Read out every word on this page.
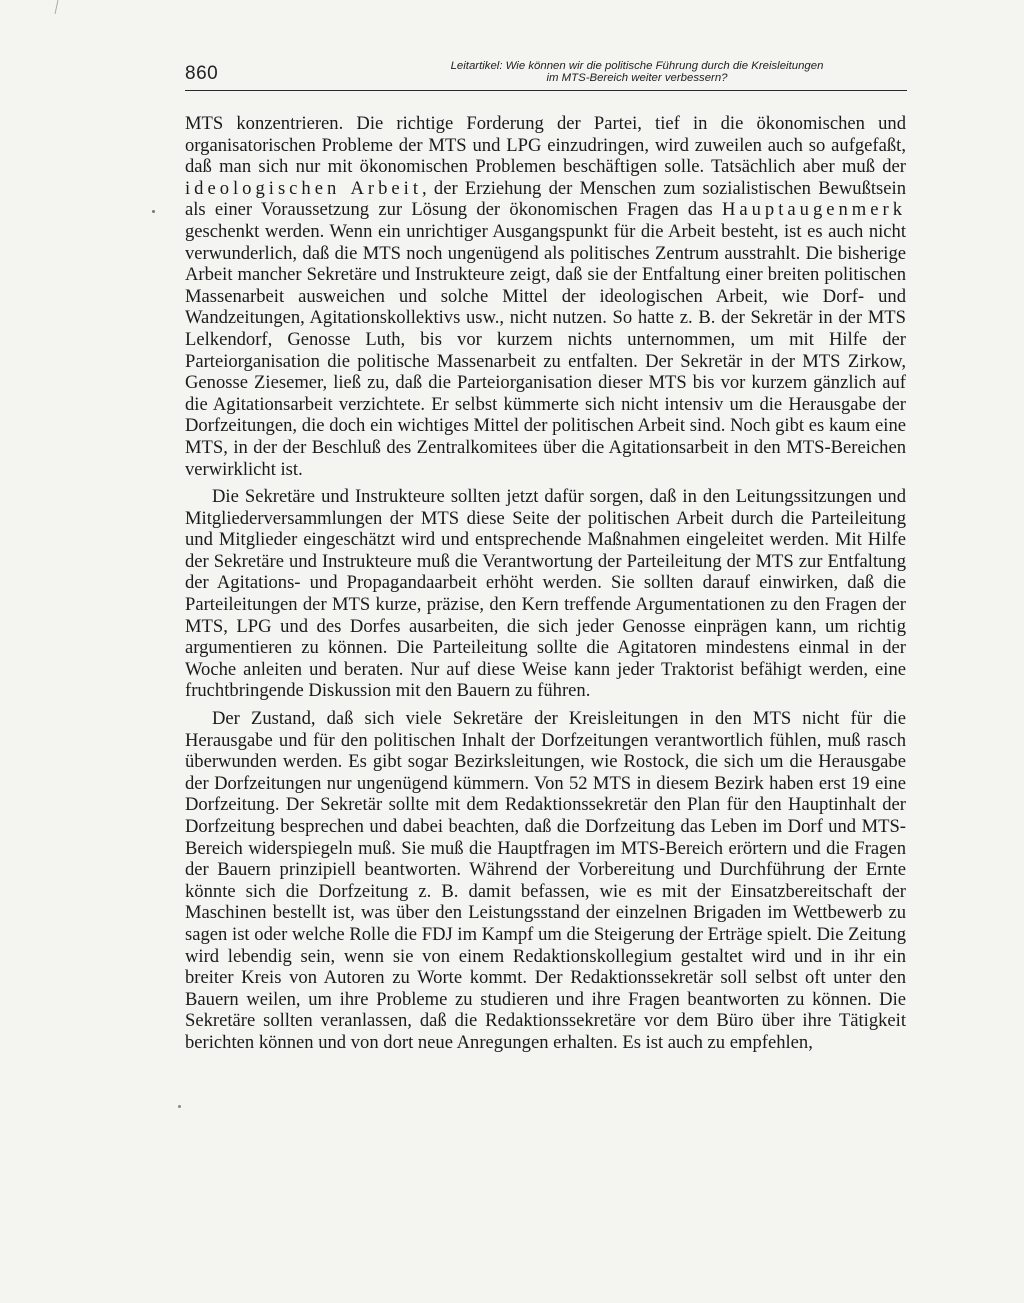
860	Leitartikel: Wie können wir die politische Führung durch die Kreisleitungen
im MTS-Bereich weiter verbessern?

MTS konzentrieren. Die richtige Forderung der Partei, tief in die ökonomischen und organisatorischen Probleme der MTS und LPG einzudringen, wird zuweilen auch so aufgefaßt, daß man sich nur mit ökonomischen Problemen beschäftigen solle. Tatsächlich aber muß der ideologischen Arbeit, der Erziehung der Menschen zum sozialistischen Bewußtsein als einer Voraussetzung zur Lösung der ökonomischen Fragen das Hauptaugenmerk geschenkt werden. Wenn ein unrichtiger Ausgangspunkt für die Arbeit besteht, ist es auch nicht verwunderlich, daß die MTS noch ungenügend als politisches Zentrum ausstrahlt. Die bisherige Arbeit mancher Sekretäre und Instrukteure zeigt, daß sie der Entfaltung einer breiten politischen Massenarbeit ausweichen und solche Mittel der ideologischen Arbeit, wie Dorf- und Wandzeitungen, Agitationskollektivs usw., nicht nutzen. So hatte z. B. der Sekretär in der MTS Lelkendorf, Genosse Luth, bis vor kurzem nichts unternommen, um mit Hilfe der Parteiorganisation die politische Massenarbeit zu entfalten. Der Sekretär in der MTS Zirkow, Genosse Ziesemer, ließ zu, daß die Parteiorganisation dieser MTS bis vor kurzem gänzlich auf die Agitationsarbeit verzichtete. Er selbst kümmerte sich nicht intensiv um die Herausgabe der Dorfzeitungen, die doch ein wichtiges Mittel der politischen Arbeit sind. Noch gibt es kaum eine MTS, in der der Beschluß des Zentralkomitees über die Agitationsarbeit in den MTS-Bereichen verwirklicht ist.

Die Sekretäre und Instrukteure sollten jetzt dafür sorgen, daß in den Leitungssitzungen und Mitgliederversammlungen der MTS diese Seite der politischen Arbeit durch die Parteileitung und Mitglieder eingeschätzt wird und entsprechende Maßnahmen eingeleitet werden. Mit Hilfe der Sekretäre und Instrukteure muß die Verantwortung der Parteileitung der MTS zur Entfaltung der Agitations- und Propagandaarbeit erhöht werden. Sie sollten darauf einwirken, daß die Parteileitungen der MTS kurze, präzise, den Kern treffende Argumentationen zu den Fragen der MTS, LPG und des Dorfes ausarbeiten, die sich jeder Genosse einprägen kann, um richtig argumentieren zu können. Die Parteileitung sollte die Agitatoren mindestens einmal in der Woche anleiten und beraten. Nur auf diese Weise kann jeder Traktorist befähigt werden, eine fruchtbringende Diskussion mit den Bauern zu führen.

Der Zustand, daß sich viele Sekretäre der Kreisleitungen in den MTS nicht für die Herausgabe und für den politischen Inhalt der Dorfzeitungen verantwortlich fühlen, muß rasch überwunden werden. Es gibt sogar Bezirksleitungen, wie Rostock, die sich um die Herausgabe der Dorfzeitungen nur ungenügend kümmern. Von 52 MTS in diesem Bezirk haben erst 19 eine Dorfzeitung. Der Sekretär sollte mit dem Redaktionssekretär den Plan für den Hauptinhalt der Dorfzeitung besprechen und dabei beachten, daß die Dorfzeitung das Leben im Dorf und MTS-Bereich widerspiegeln muß. Sie muß die Hauptfragen im MTS-Bereich erörtern und die Fragen der Bauern prinzipiell beantworten. Während der Vorbereitung und Durchführung der Ernte könnte sich die Dorfzeitung z. B. damit befassen, wie es mit der Einsatzbereitschaft der Maschinen bestellt ist, was über den Leistungsstand der einzelnen Brigaden im Wettbewerb zu sagen ist oder welche Rolle die FDJ im Kampf um die Steigerung der Erträge spielt. Die Zeitung wird lebendig sein, wenn sie von einem Redaktionskollegium gestaltet wird und in ihr ein breiter Kreis von Autoren zu Worte kommt. Der Redaktionssekretär soll selbst oft unter den Bauern weilen, um ihre Probleme zu studieren und ihre Fragen beantworten zu können. Die Sekretäre sollten veranlassen, daß die Redaktionssekretäre vor dem Büro über ihre Tätigkeit berichten können und von dort neue Anregungen erhalten. Es ist auch zu empfehlen,
